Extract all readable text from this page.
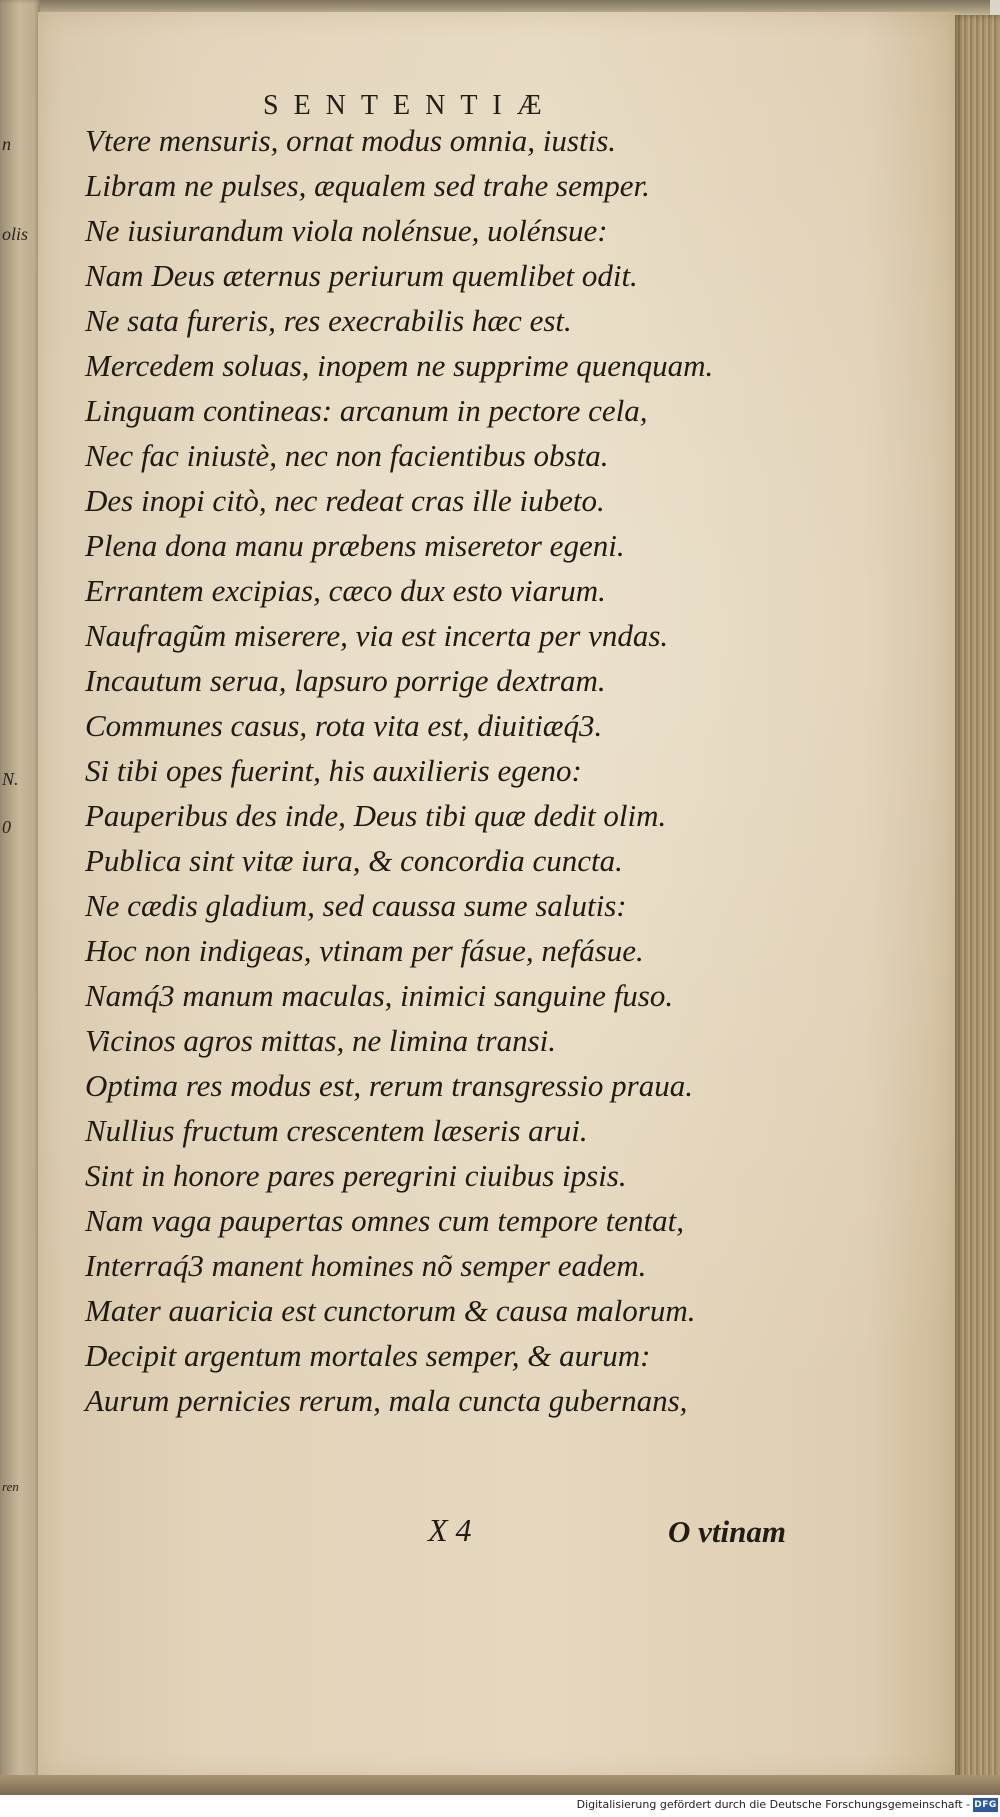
n
olis
N.
0
ren
SENTENTIÆ

Vtere mensuris, ornat modus omnia, iustis.

Libram ne pulses, æqualem sed trahe semper.

Ne iusiurandum viola nolénsue, uolénsue:

Nam Deus æternus periurum quemlibet odit.

Ne sata fureris, res execrabilis hæc est.

Mercedem soluas, inopem ne supprime quenquam.

Linguam contineas: arcanum in pectore cela,

Nec fac iniustè, nec non facientibus obsta.

Des inopi citò, nec redeat cras ille iubeto.

Plena dona manu præbens miseretor egeni.

Errantem excipias, cæco dux esto viarum.

Naufragũm miserere, via est incerta per vndas.

Incautum serua, lapsuro porrige dextram.

Communes casus, rota vita est, diuitiæq́3.

Si tibi opes fuerint, his auxilieris egeno:

Pauperibus des inde, Deus tibi quæ dedit olim.

Publica sint vitæ iura, & concordia cuncta.

Ne cædis gladium, sed caussa sume salutis:

Hoc non indigeas, vtinam per fásue, nefásue.

Namq́3 manum maculas, inimici sanguine fuso.

Vicinos agros mittas, ne limina transi.

Optima res modus est, rerum transgressio praua.

Nullius fructum crescentem læseris arui.

Sint in honore pares peregrini ciuibus ipsis.

Nam vaga paupertas omnes cum tempore tentat,

Interraq́3 manent homines nõ semper eadem.

Mater auaricia est cunctorum & causa malorum.

Decipit argentum mortales semper, & aurum:

Aurum pernicies rerum, mala cuncta gubernans,

X 4	O vtinam
Digitalisierung gefördert durch die Deutsche Forschungsgemeinschaft - DFG
